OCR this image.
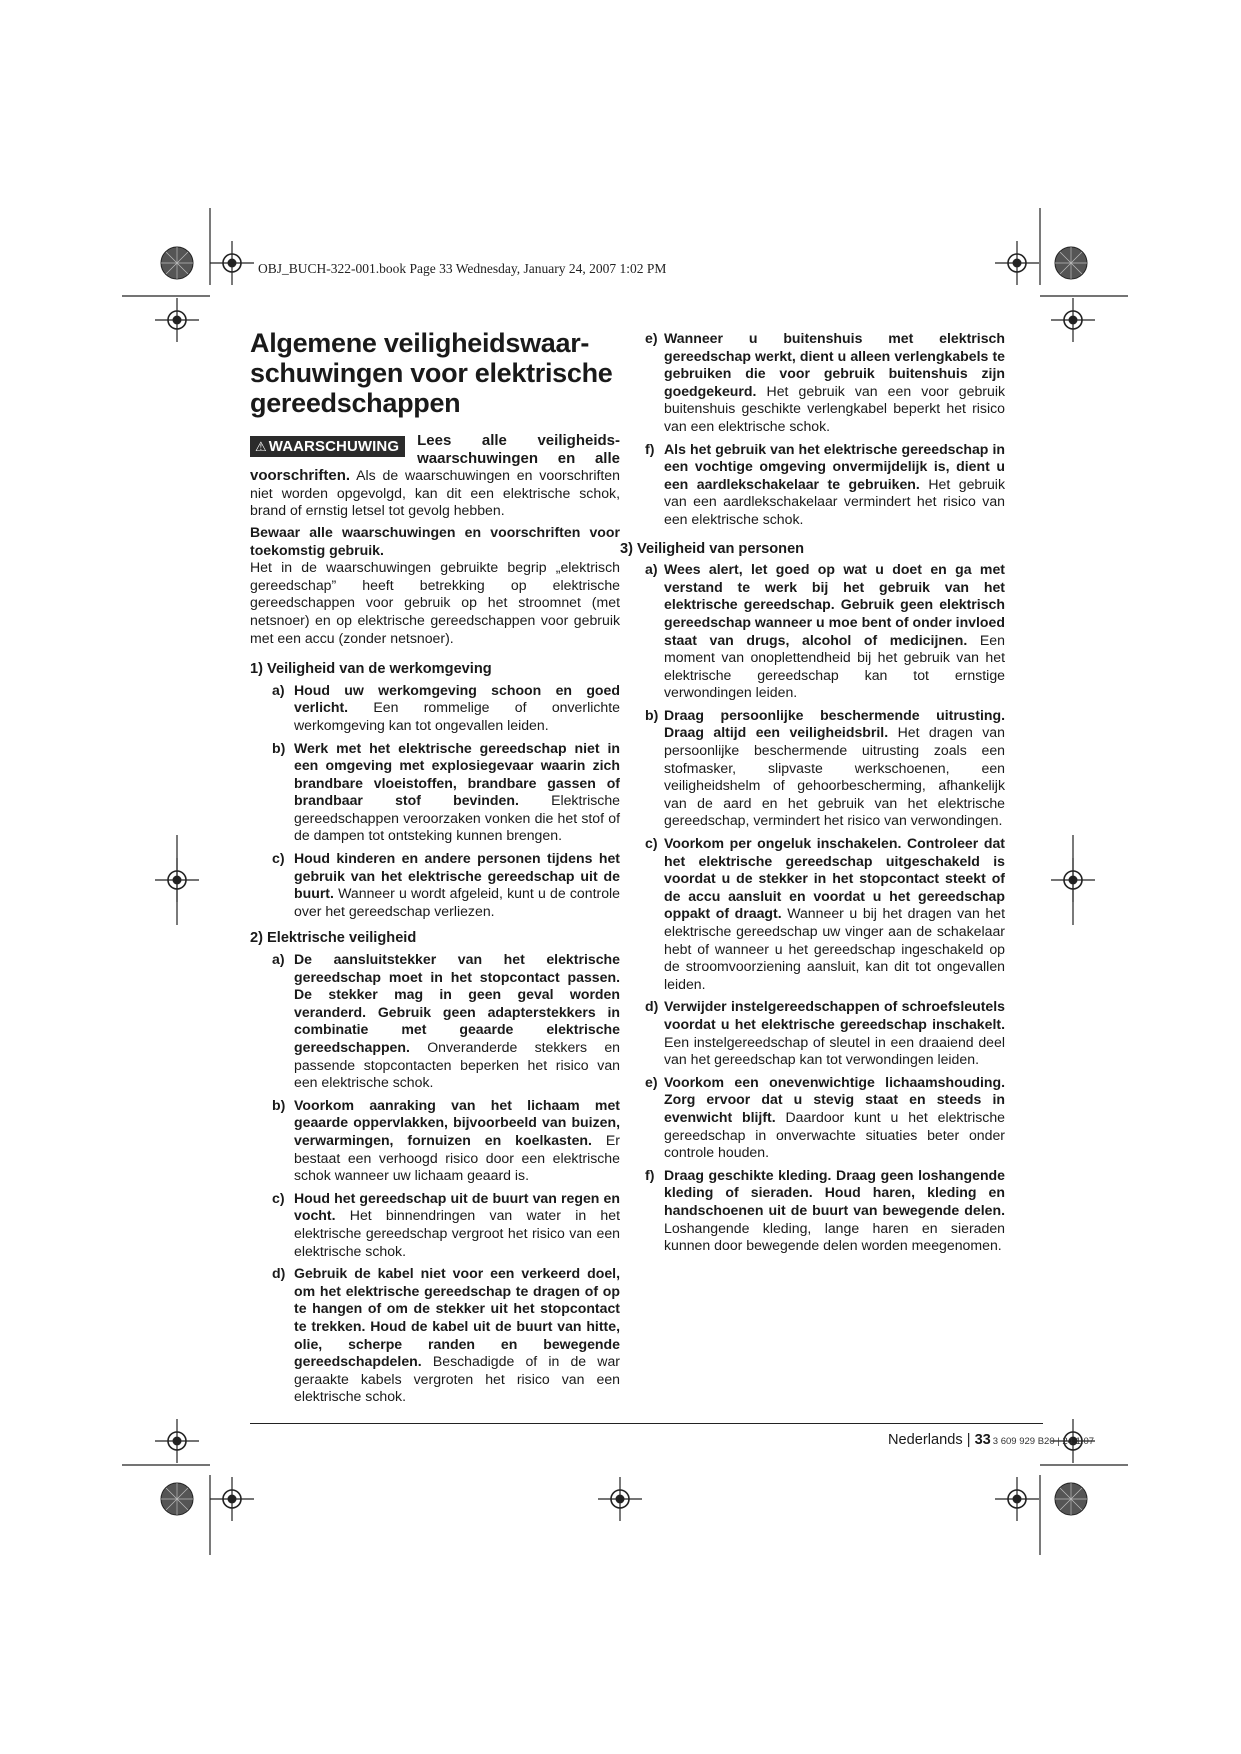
OBJ_BUCH-322-001.book Page 33 Wednesday, January 24, 2007 1:02 PM
Algemene veiligheidswaar-schuwingen voor elektrische gereedschappen
⚠ WAARSCHUWING	Lees alle veiligheids-waarschuwingen en alle voorschriften. Als de waarschuwingen en voorschriften niet worden opgevolgd, kan dit een elektrische schok, brand of ernstig letsel tot gevolg hebben.

Bewaar alle waarschuwingen en voorschriften voor toekomstig gebruik.

Het in de waarschuwingen gebruikte begrip „elektrisch gereedschap” heeft betrekking op elektrische gereedschappen voor gebruik op het stroomnet (met netsnoer) en op elektrische gereedschappen voor gebruik met een accu (zonder netsnoer).

1) Veiligheid van de werkomgeving
a) Houd uw werkomgeving schoon en goed verlicht. Een rommelige of onverlichte werkomgeving kan tot ongevallen leiden.
b) Werk met het elektrische gereedschap niet in een omgeving met explosiegevaar waarin zich brandbare vloeistoffen, brandbare gassen of brandbaar stof bevinden. Elektrische gereedschappen veroorzaken vonken die het stof of de dampen tot ontsteking kunnen brengen.
c) Houd kinderen en andere personen tijdens het gebruik van het elektrische gereedschap uit de buurt. Wanneer u wordt afgeleid, kunt u de controle over het gereedschap verliezen.
2) Elektrische veiligheid
a) De aansluitstekker van het elektrische gereedschap moet in het stopcontact passen. De stekker mag in geen geval worden veranderd. Gebruik geen adapterstekkers in combinatie met geaarde elektrische gereedschappen. Onveranderde stekkers en passende stopcontacten beperken het risico van een elektrische schok.
b) Voorkom aanraking van het lichaam met geaarde oppervlakken, bijvoorbeeld van buizen, verwarmingen, fornuizen en koelkasten. Er bestaat een verhoogd risico door een elektrische schok wanneer uw lichaam geaard is.
c) Houd het gereedschap uit de buurt van regen en vocht. Het binnendringen van water in het elektrische gereedschap vergroot het risico van een elektrische schok.
d) Gebruik de kabel niet voor een verkeerd doel, om het elektrische gereedschap te dragen of op te hangen of om de stekker uit het stopcontact te trekken. Houd de kabel uit de buurt van hitte, olie, scherpe randen en bewegende gereedschapdelen. Beschadigde of in de war geraakte kabels vergroten het risico van een elektrische schok.
e) Wanneer u buitenshuis met elektrisch gereedschap werkt, dient u alleen verlengkabels te gebruiken die voor gebruik buitenshuis zijn goedgekeurd. Het gebruik van een voor gebruik buitenshuis geschikte verlengkabel beperkt het risico van een elektrische schok.
f) Als het gebruik van het elektrische gereedschap in een vochtige omgeving onvermijdelijk is, dient u een aardlekschakelaar te gebruiken. Het gebruik van een aardlekschakelaar vermindert het risico van een elektrische schok.
3) Veiligheid van personen
a) Wees alert, let goed op wat u doet en ga met verstand te werk bij het gebruik van het elektrische gereedschap. Gebruik geen elektrisch gereedschap wanneer u moe bent of onder invloed staat van drugs, alcohol of medicijnen. Een moment van onoplettendheid bij het gebruik van het elektrische gereedschap kan tot ernstige verwondingen leiden.
b) Draag persoonlijke beschermende uitrusting. Draag altijd een veiligheidsbril. Het dragen van persoonlijke beschermende uitrusting zoals een stofmasker, slipvaste werkschoenen, een veiligheidshelm of gehoorbescherming, afhankelijk van de aard en het gebruik van het elektrische gereedschap, vermindert het risico van verwondingen.
c) Voorkom per ongeluk inschakelen. Controleer dat het elektrische gereedschap uitgeschakeld is voordat u de stekker in het stopcontact steekt of de accu aansluit en voordat u het gereedschap oppakt of draagt. Wanneer u bij het dragen van het elektrische gereedschap uw vinger aan de schakelaar hebt of wanneer u het gereedschap ingeschakeld op de stroomvoorziening aansluit, kan dit tot ongevallen leiden.
d) Verwijder instelgereedschappen of schroefsleutels voordat u het elektrische gereedschap inschakelt. Een instelgereedschap of sleutel in een draaiend deel van het gereedschap kan tot verwondingen leiden.
e) Voorkom een onevenwichtige lichaamshouding. Zorg ervoor dat u stevig staat en steeds in evenwicht blijft. Daardoor kunt u het elektrische gereedschap in onverwachte situaties beter onder controle houden.
f) Draag geschikte kleding. Draag geen loshangende kleding of sieraden. Houd haren, kleding en handschoenen uit de buurt van bewegende delen. Loshangende kleding, lange haren en sieraden kunnen door bewegende delen worden meegenomen.
Nederlands | 33 3 609 929 B20 | 24.1.07
